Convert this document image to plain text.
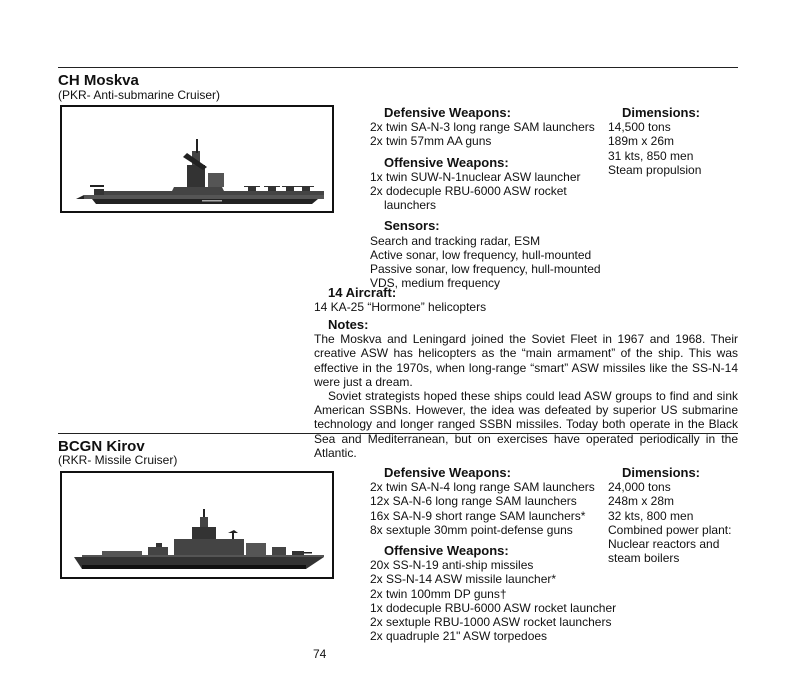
CH Moskva
(PKR- Anti-submarine Cruiser)
Defensive Weapons:
2x twin SA-N-3 long range SAM launchers
2x twin 57mm AA guns
Offensive Weapons:
1x twin SUW-N-1nuclear ASW launcher
2x dodecuple RBU-6000 ASW rocket launchers
Sensors:
Search and tracking radar, ESM
Active sonar, low frequency, hull-mounted
Passive sonar, low frequency, hull-mounted
VDS, medium frequency
Dimensions:
14,500 tons
189m x 26m
31 kts, 850 men
Steam propulsion
14 Aircraft:
14 KA-25 “Hormone” helicopters
Notes:
The Moskva and Leningard joined the Soviet Fleet in 1967 and 1968. Their creative ASW has helicopters as the “main armament” of the ship. This was effective in the 1970s, when long-range “smart” ASW missiles like the SS-N-14 were just a dream.
Soviet strategists hoped these ships could lead ASW groups to find and sink American SSBNs. However, the idea was defeated by superior US submarine technology and longer ranged SSBN missiles. Today both operate in the Black Sea and Mediterranean, but on exercises have operated periodically in the Atlantic.
BCGN Kirov
(RKR- Missile Cruiser)
Defensive Weapons:
2x twin SA-N-4 long range SAM launchers
12x SA-N-6 long range SAM launchers
16x SA-N-9 short range SAM launchers*
8x sextuple 30mm point-defense guns
Offensive Weapons:
20x SS-N-19 anti-ship missiles
2x SS-N-14 ASW missile launcher*
2x twin 100mm DP guns†
1x dodecuple RBU-6000 ASW rocket launcher
2x sextuple RBU-1000 ASW rocket launchers
2x quadruple 21" ASW torpedoes
Dimensions:
24,000 tons
248m x 28m
32 kts, 800 men
Combined power plant:
Nuclear reactors and steam boilers
74
